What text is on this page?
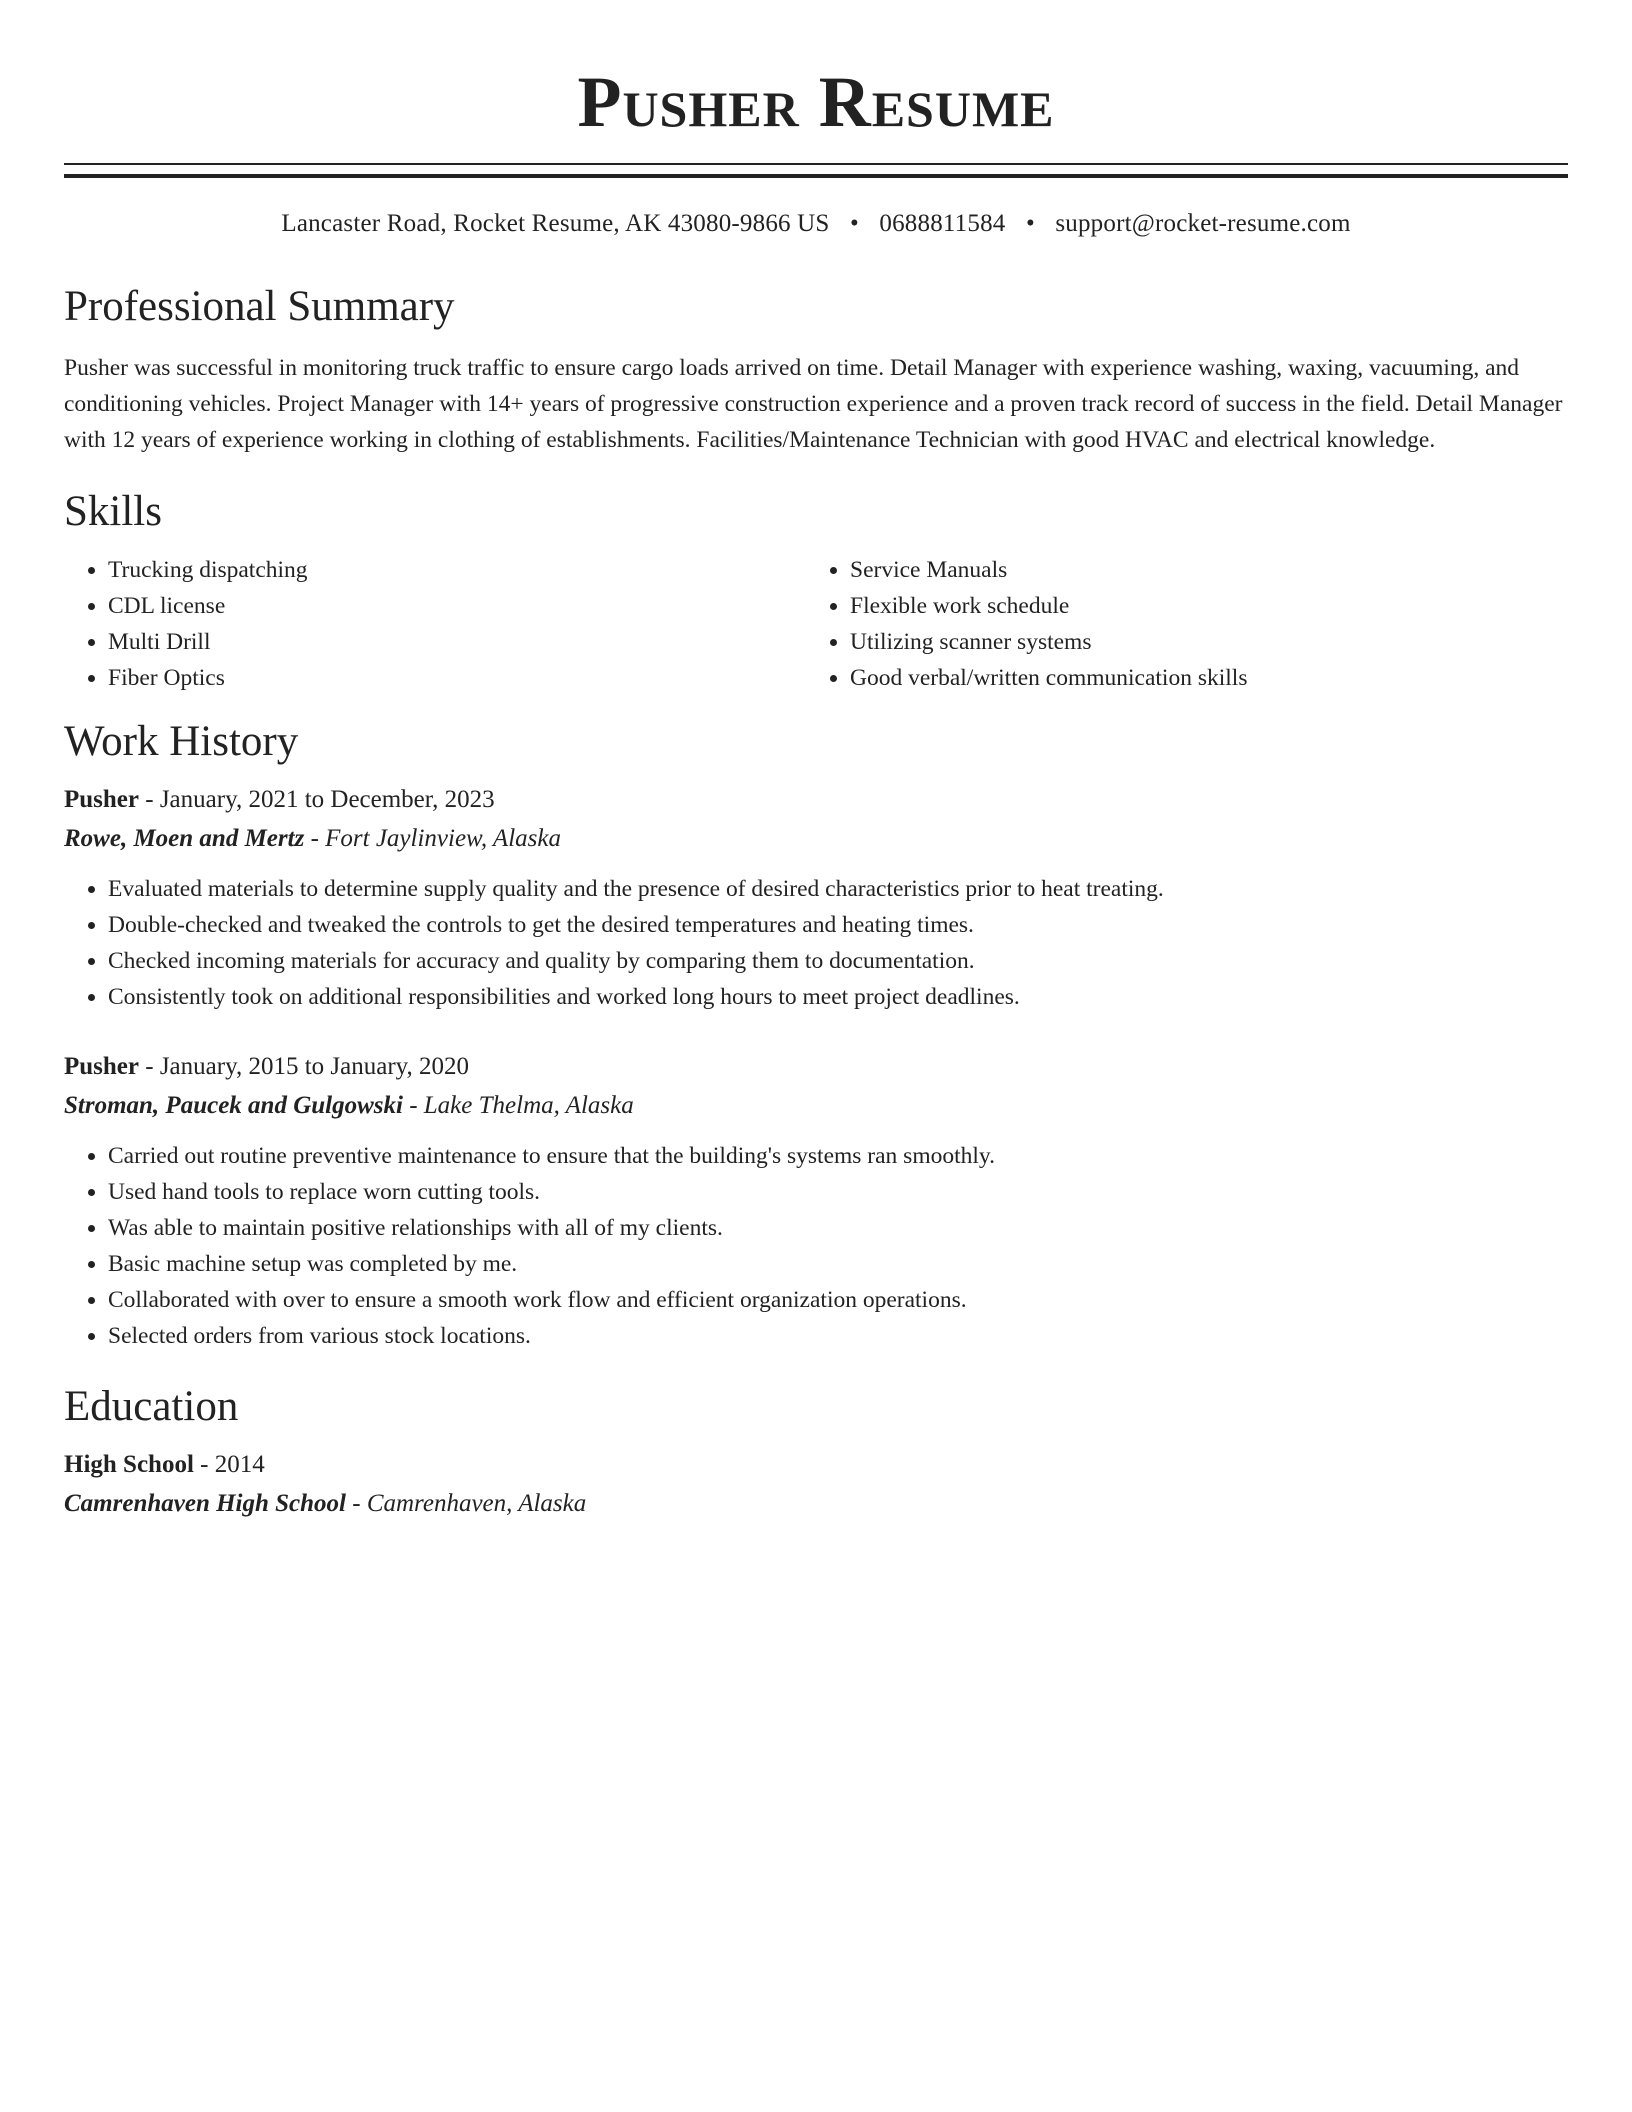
Pusher Resume
Lancaster Road, Rocket Resume, AK 43080-9866 US • 0688811584 • support@rocket-resume.com
Professional Summary

Pusher was successful in monitoring truck traffic to ensure cargo loads arrived on time. Detail Manager with experience washing, waxing, vacuuming, and conditioning vehicles. Project Manager with 14+ years of progressive construction experience and a proven track record of success in the field. Detail Manager with 12 years of experience working in clothing of establishments. Facilities/Maintenance Technician with good HVAC and electrical knowledge.

Skills
• Trucking dispatching
• CDL license
• Multi Drill
• Fiber Optics
• Service Manuals
• Flexible work schedule
• Utilizing scanner systems
• Good verbal/written communication skills
Work History
Pusher - January, 2021 to December, 2023
Rowe, Moen and Mertz - Fort Jaylinview, Alaska
• Evaluated materials to determine supply quality and the presence of desired characteristics prior to heat treating.
• Double-checked and tweaked the controls to get the desired temperatures and heating times.
• Checked incoming materials for accuracy and quality by comparing them to documentation.
• Consistently took on additional responsibilities and worked long hours to meet project deadlines.
Pusher - January, 2015 to January, 2020
Stroman, Paucek and Gulgowski - Lake Thelma, Alaska
• Carried out routine preventive maintenance to ensure that the building's systems ran smoothly.
• Used hand tools to replace worn cutting tools.
• Was able to maintain positive relationships with all of my clients.
• Basic machine setup was completed by me.
• Collaborated with over to ensure a smooth work flow and efficient organization operations.
• Selected orders from various stock locations.
Education
High School - 2014
Camrenhaven High School - Camrenhaven, Alaska
